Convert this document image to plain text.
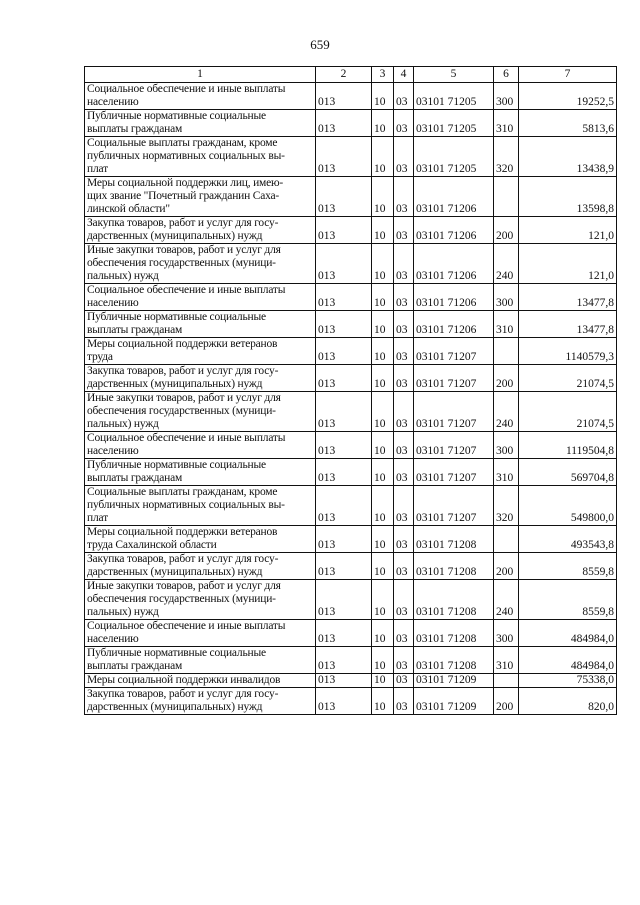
659
1	2	3	4	5	6	7
Социальное обеспечение и иные выплаты
населению	013	10	03	03101 71205	300	19252,5
Публичные нормативные социальные
выплаты гражданам	013	10	03	03101 71205	310	5813,6
Социальные выплаты гражданам, кроме
публичных нормативных социальных вы-
плат	013	10	03	03101 71205	320	13438,9
Меры социальной поддержки лиц, имею-
щих звание "Почетный гражданин Саха-
линской области"	013	10	03	03101 71206		13598,8
Закупка товаров, работ и услуг для госу-
дарственных (муниципальных) нужд	013	10	03	03101 71206	200	121,0
Иные закупки товаров, работ и услуг для
обеспечения государственных (муници-
пальных) нужд	013	10	03	03101 71206	240	121,0
Социальное обеспечение и иные выплаты
населению	013	10	03	03101 71206	300	13477,8
Публичные нормативные социальные
выплаты гражданам	013	10	03	03101 71206	310	13477,8
Меры социальной поддержки ветеранов
труда	013	10	03	03101 71207		1140579,3
Закупка товаров, работ и услуг для госу-
дарственных (муниципальных) нужд	013	10	03	03101 71207	200	21074,5
Иные закупки товаров, работ и услуг для
обеспечения государственных (муници-
пальных) нужд	013	10	03	03101 71207	240	21074,5
Социальное обеспечение и иные выплаты
населению	013	10	03	03101 71207	300	1119504,8
Публичные нормативные социальные
выплаты гражданам	013	10	03	03101 71207	310	569704,8
Социальные выплаты гражданам, кроме
публичных нормативных социальных вы-
плат	013	10	03	03101 71207	320	549800,0
Меры социальной поддержки ветеранов
труда Сахалинской области	013	10	03	03101 71208		493543,8
Закупка товаров, работ и услуг для госу-
дарственных (муниципальных) нужд	013	10	03	03101 71208	200	8559,8
Иные закупки товаров, работ и услуг для
обеспечения государственных (муници-
пальных) нужд	013	10	03	03101 71208	240	8559,8
Социальное обеспечение и иные выплаты
населению	013	10	03	03101 71208	300	484984,0
Публичные нормативные социальные
выплаты гражданам	013	10	03	03101 71208	310	484984,0
Меры социальной поддержки инвалидов	013	10	03	03101 71209		75338,0
Закупка товаров, работ и услуг для госу-
дарственных (муниципальных) нужд	013	10	03	03101 71209	200	820,0
